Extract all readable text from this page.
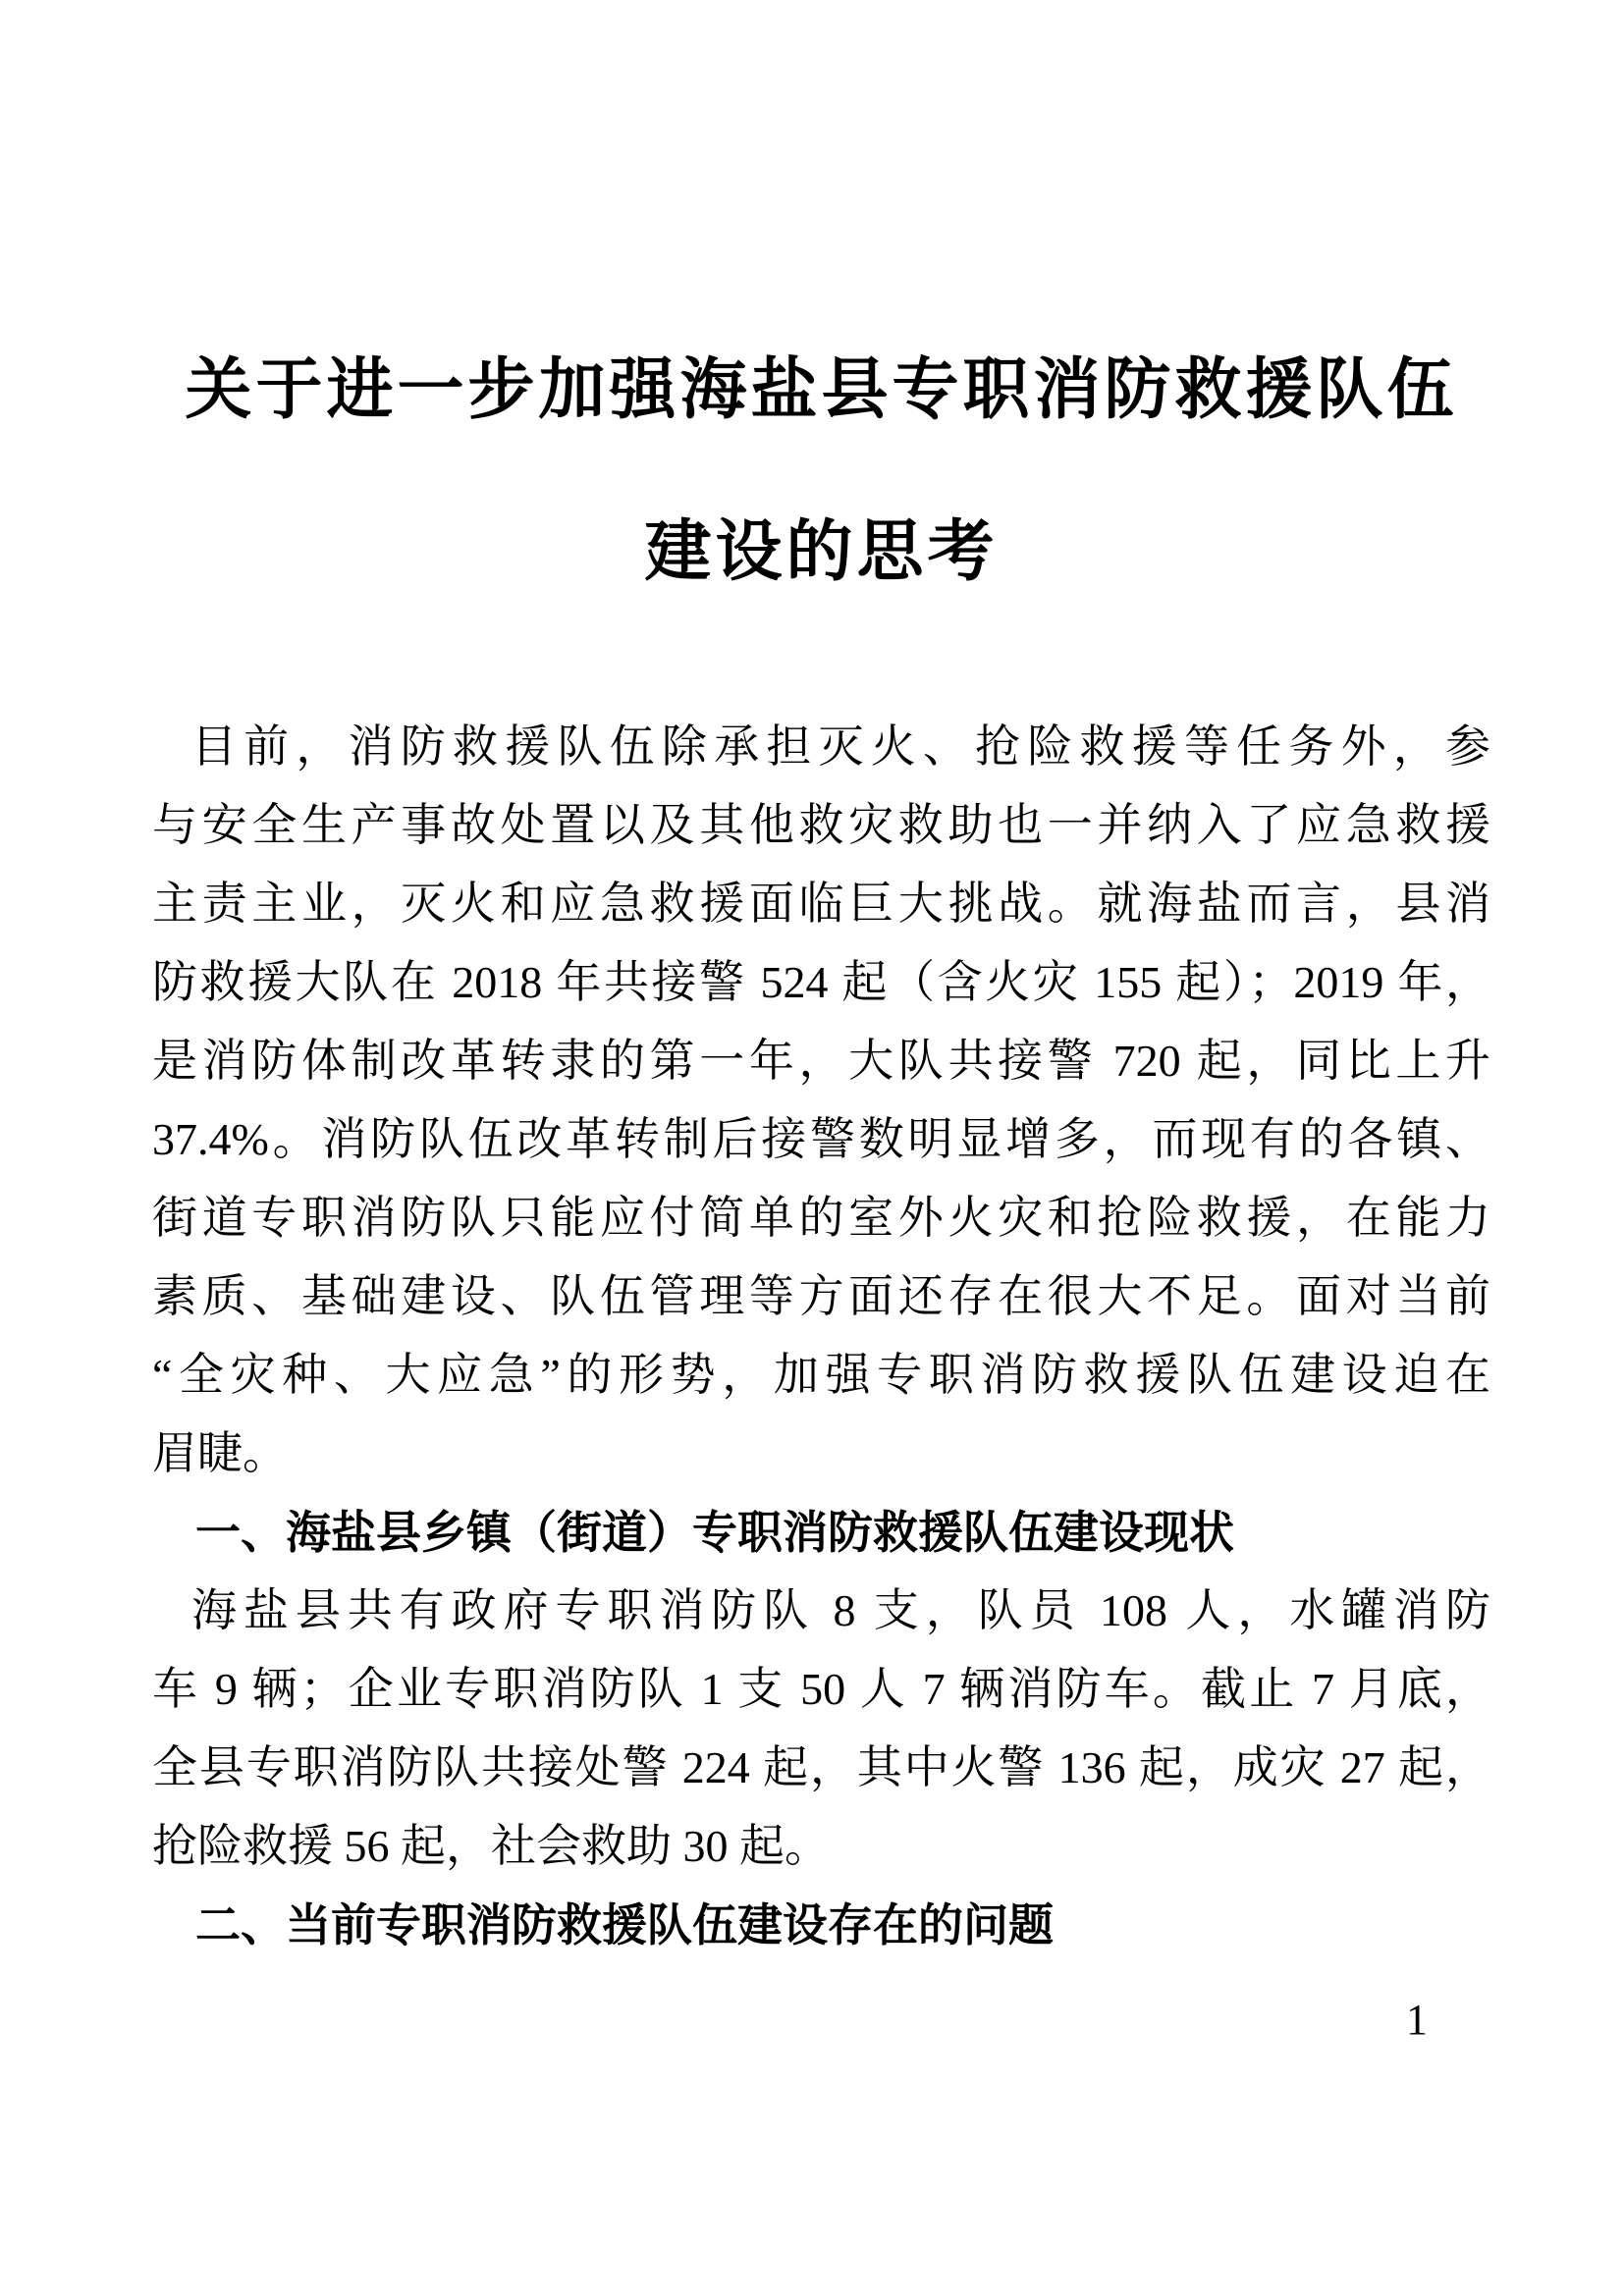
关于进一步加强海盐县专职消防救援队伍
建设的思考
目前，消防救援队伍除承担灭火、抢险救援等任务外，参
与安全生产事故处置以及其他救灾救助也一并纳入了应急救援
主责主业，灭火和应急救援面临巨大挑战。就海盐而言，县消
防救援大队在 2018 年共接警 524 起（含火灾 155 起）；2019 年，
是消防体制改革转隶的第一年，大队共接警 720 起，同比上升
37.4%。消防队伍改革转制后接警数明显增多，而现有的各镇、
街道专职消防队只能应付简单的室外火灾和抢险救援，在能力
素质、基础建设、队伍管理等方面还存在很大不足。面对当前
“全灾种、大应急”的形势，加强专职消防救援队伍建设迫在
眉睫。
一、海盐县乡镇（街道）专职消防救援队伍建设现状
海盐县共有政府专职消防队 8 支，队员 108 人，水罐消防
车 9 辆；企业专职消防队 1 支 50 人 7 辆消防车。截止 7 月底，
全县专职消防队共接处警 224 起，其中火警 136 起，成灾 27 起，
抢险救援 56 起，社会救助 30 起。
二、当前专职消防救援队伍建设存在的问题
1
